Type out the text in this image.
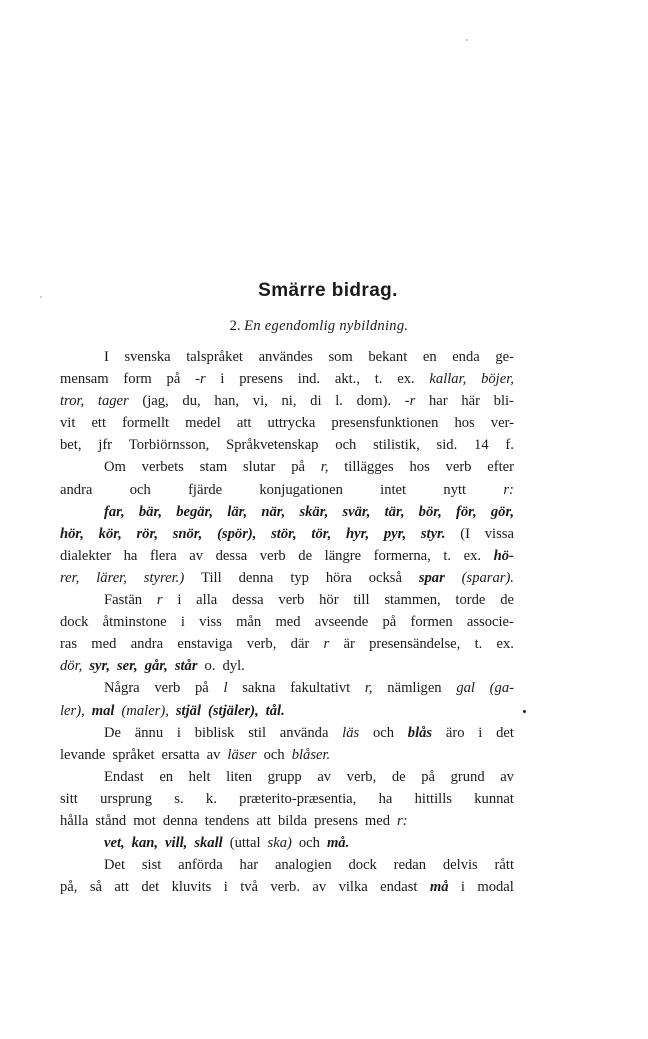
Smärre bidrag.
2. En egendomlig nybildning.
I svenska talspråket användes som bekant en enda ge-
mensam form på -r i presens ind. akt., t. ex. kallar, böjer,
tror, tager (jag, du, han, vi, ni, di l. dom). -r har här bli-
vit ett formellt medel att uttrycka presensfunktionen hos ver-
bet, jfr Torbiörnsson, Språkvetenskap och stilistik, sid. 14 f.
Om verbets stam slutar på r, tillägges hos verb efter
andra	och	fjärde	konjugationen	intet	nytt	r:
far, bär, begär, lär, när, skär, svär, tär, bör, för, gör,
hör, kör, rör, snör, (spör), stör, tör, hyr, pyr, styr. (I vissa
dialekter ha flera av dessa verb de längre formerna, t. ex. hö-
rer, lärer, styrer.) Till denna typ höra också spar (sparar).
Fastän r i alla dessa verb hör till stammen, torde de
dock åtminstone i viss mån med avseende på formen associe-
ras med andra enstaviga verb, där r är presensändelse, t. ex.
dör, syr, ser, går, står o. dyl.
Några verb på l sakna fakultativt r, nämligen gal (ga-
ler), mal (maler), stjäl (stjäler), tål.
De ännu i biblisk stil använda läs och blås äro i det
levande språket ersatta av läser och blåser.
Endast en helt liten grupp av verb, de på grund av
sitt ursprung s. k. præterito-præsentia, ha hittills kunnat
hålla stånd mot denna tendens att bilda presens med r:
vet, kan, vill, skall (uttal ska) och må.
Det sist anförda har analogien dock redan delvis rått
på, så att det kluvits i två verb. av vilka endast må i modal
